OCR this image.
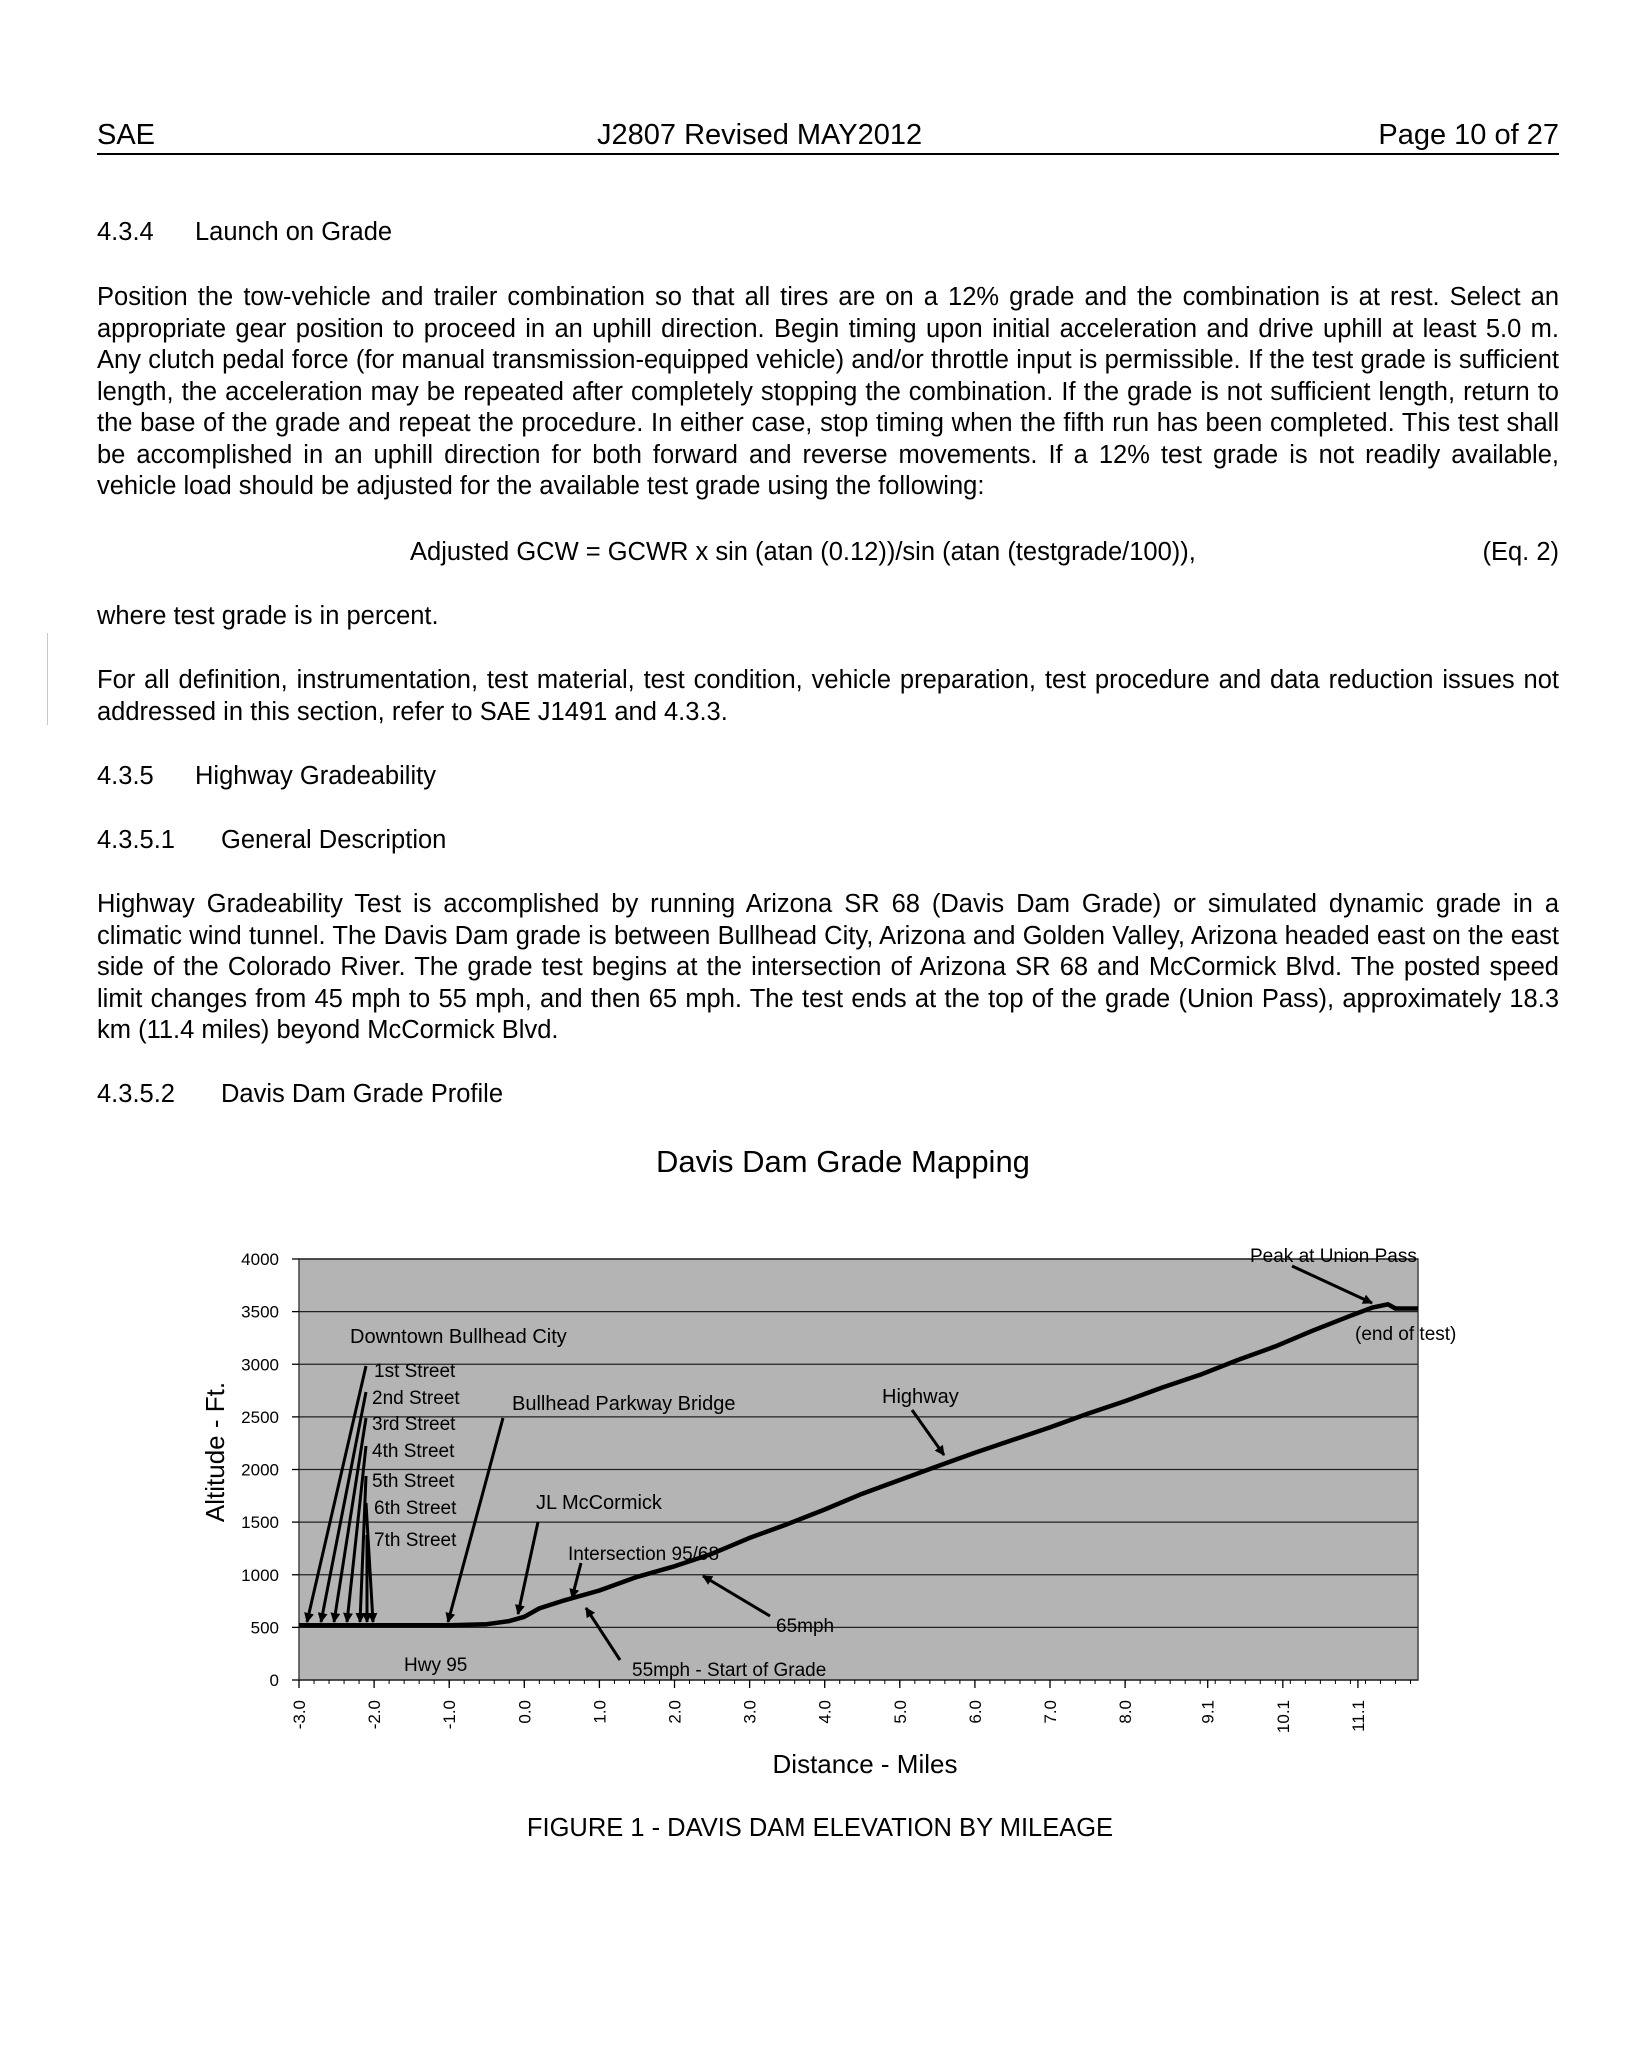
SAE	J2807 Revised MAY2012	Page 10 of 27
4.3.4 Launch on Grade
Position the tow-vehicle and trailer combination so that all tires are on a 12% grade and the combination is at rest. Select an appropriate gear position to proceed in an uphill direction. Begin timing upon initial acceleration and drive uphill at least 5.0 m. Any clutch pedal force (for manual transmission-equipped vehicle) and/or throttle input is permissible. If the test grade is sufficient length, the acceleration may be repeated after completely stopping the combination. If the grade is not sufficient length, return to the base of the grade and repeat the procedure. In either case, stop timing when the fifth run has been completed. This test shall be accomplished in an uphill direction for both forward and reverse movements. If a 12% test grade is not readily available, vehicle load should be adjusted for the available test grade using the following:
Adjusted GCW = GCWR x sin (atan (0.12))/sin (atan (testgrade/100)),	(Eq. 2)
where test grade is in percent.
For all definition, instrumentation, test material, test condition, vehicle preparation, test procedure and data reduction issues not addressed in this section, refer to SAE J1491 and 4.3.3.
4.3.5 Highway Gradeability
4.3.5.1 General Description
Highway Gradeability Test is accomplished by running Arizona SR 68 (Davis Dam Grade) or simulated dynamic grade in a climatic wind tunnel. The Davis Dam grade is between Bullhead City, Arizona and Golden Valley, Arizona headed east on the east side of the Colorado River. The grade test begins at the intersection of Arizona SR 68 and McCormick Blvd. The posted speed limit changes from 45 mph to 55 mph, and then 65 mph. The test ends at the top of the grade (Union Pass), approximately 18.3 km (11.4 miles) beyond McCormick Blvd.
4.3.5.2 Davis Dam Grade Profile
Davis Dam Grade Mapping
0
500
1000
1500
2000
2500
3000
3500
4000
-3.0	-2.0	-1.0	0.0	1.0	2.0	3.0	4.0	5.0	6.0	7.0	8.0	9.1	10.1	11.1
Peak at Union Pass
(end of test)
Downtown Bullhead City
1st Street
2nd Street
3rd Street
4th Street
5th Street
6th Street
7th Street
Bullhead Parkway Bridge	Highway
JL McCormick
Intersection 95/68
65mph
Hwy 95	55mph - Start of Grade
Altitude - Ft.
Distance - Miles
FIGURE 1 - DAVIS DAM ELEVATION BY MILEAGE
